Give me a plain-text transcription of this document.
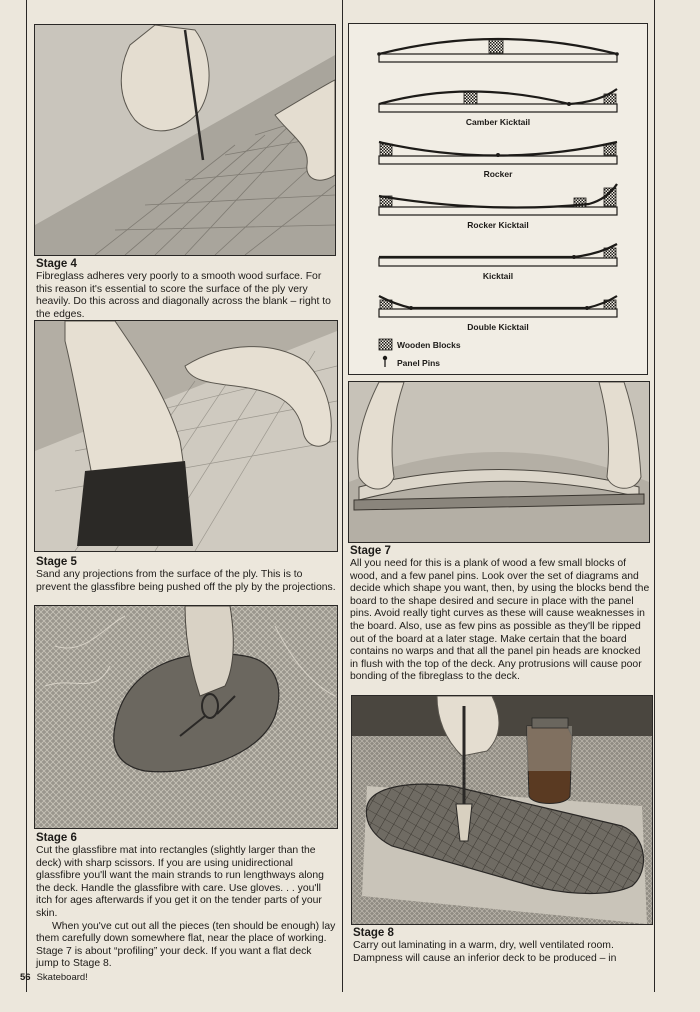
Stage 4

Fibreglass adheres very poorly to a smooth wood surface. For this reason it's essential to score the surface of the ply very heavily. Do this across and diagonally across the blank – right to the edges.

Stage 5

Sand any projections from the surface of the ply. This is to prevent the glassfibre being pushed off the ply by the projections.

Stage 6

Cut the glassfibre mat into rectangles (slightly larger than the deck) with sharp scissors. If you are using unidirectional glassfibre you'll want the main strands to run lengthways along the deck. Handle the glassfibre with care. Use gloves. . . you'll itch for ages afterwards if you get it on the tender parts of your skin.

When you've cut out all the pieces (ten should be enough) lay them carefully down somewhere flat, near the place of working. Stage 7 is about “profiling” your deck. If you want a flat deck jump to Stage 8.

Camber Kicktail
Rocker
Rocker Kicktail
Kicktail
Double Kicktail
Wooden Blocks
Panel Pins
Stage 7

All you need for this is a plank of wood a few small blocks of wood, and a few panel pins. Look over the set of diagrams and decide which shape you want, then, by using the blocks bend the board to the shape desired and secure in place with the panel pins. Avoid really tight curves as these will cause weaknesses in the board. Also, use as few pins as possible as they'll be ripped out of the board at a later stage. Make certain that the board contains no warps and that all the panel pin heads are knocked in flush with the top of the deck. Any protrusions will cause poor bonding of the fibreglass to the deck.

Stage 8

Carry out laminating in a warm, dry, well ventilated room. Dampness will cause an inferior deck to be produced – in

56 Skateboard!
